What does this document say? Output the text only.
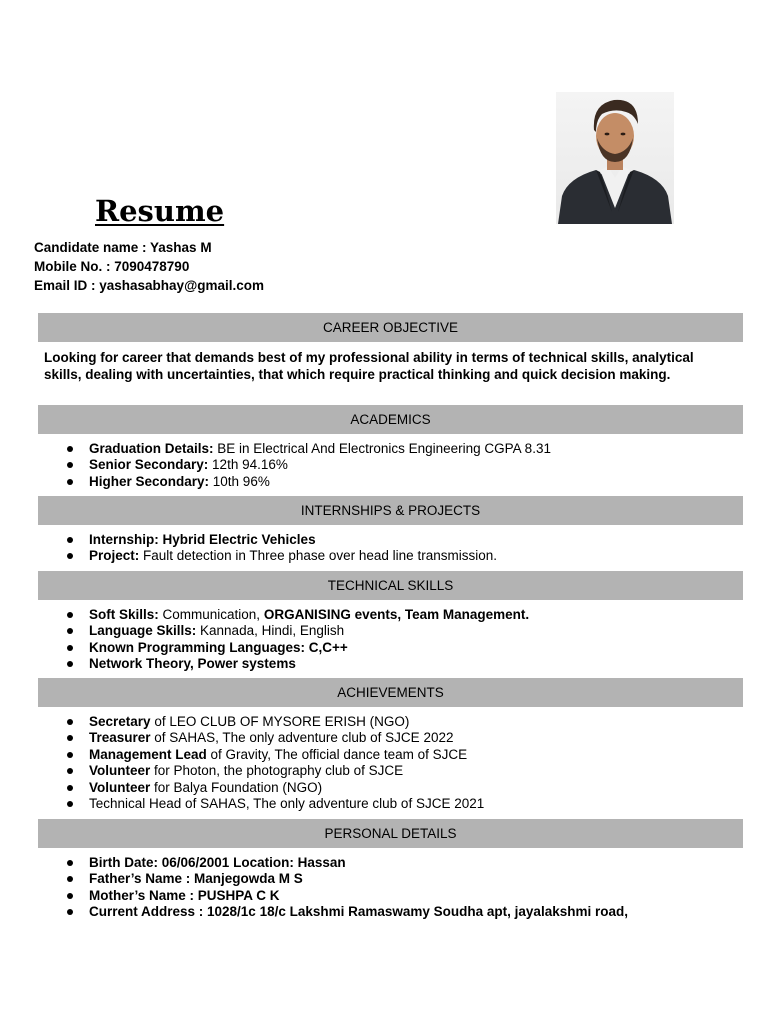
Resume
Candidate name : Yashas M
Mobile No. : 7090478790
Email ID : yashasabhay@gmail.com
CAREER OBJECTIVE

Looking for career that demands best of my professional ability in terms of technical skills, analytical skills, dealing with uncertainties, that which require practical thinking and quick decision making.

ACADEMICS
Graduation Details: BE in Electrical And Electronics Engineering CGPA 8.31
Senior Secondary: 12th 94.16%
Higher Secondary: 10th 96%
INTERNSHIPS & PROJECTS
Internship: Hybrid Electric Vehicles
Project: Fault detection in Three phase over head line transmission.
TECHNICAL SKILLS
Soft Skills: Communication, ORGANISING events, Team Management.
Language Skills: Kannada, Hindi, English
Known Programming Languages: C,C++
Network Theory, Power systems
ACHIEVEMENTS
Secretary of LEO CLUB OF MYSORE ERISH (NGO)
Treasurer of SAHAS, The only adventure club of SJCE 2022
Management Lead of Gravity, The official dance team of SJCE
Volunteer for Photon, the photography club of SJCE
Volunteer for Balya Foundation (NGO)
Technical Head of SAHAS, The only adventure club of SJCE 2021
PERSONAL DETAILS
Birth Date: 06/06/2001 Location: Hassan
Father’s Name : Manjegowda M S
Mother’s Name : PUSHPA C K
Current Address : 1028/1c 18/c Lakshmi Ramaswamy Soudha apt, jayalakshmi road,
